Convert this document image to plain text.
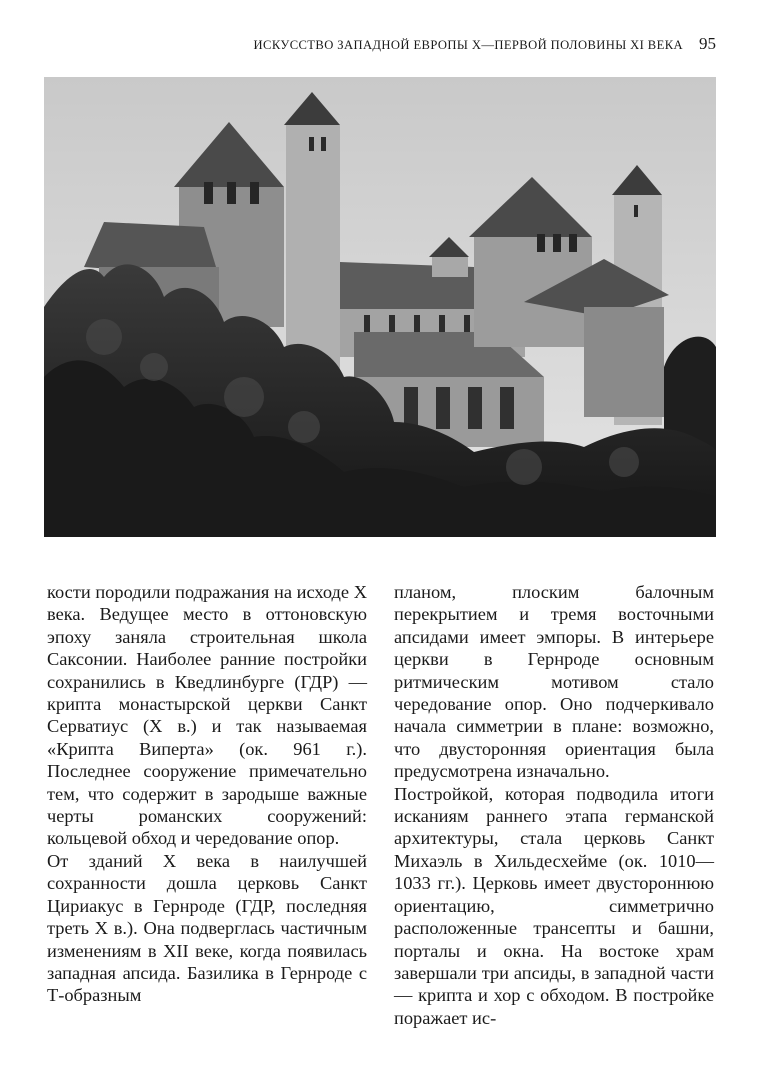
ИСКУССТВО ЗАПАДНОЙ ЕВРОПЫ X—ПЕРВОЙ ПОЛОВИНЫ XI ВЕКА 95

кости породили подражания на исходе X века. Ведущее место в оттоновскую эпоху заняла строительная школа Саксонии. Наиболее ранние постройки сохранились в Кведлинбурге (ГДР) — крипта монастырской церкви Санкт Серватиус (X в.) и так называемая «Крипта Виперта» (ок. 961 г.). Последнее сооружение примечательно тем, что содержит в зародыше важные черты романских сооружений: кольцевой обход и чередование опор.

От зданий X века в наилучшей сохранности дошла церковь Санкт Цириакус в Гернроде (ГДР, последняя треть X в.). Она подверглась частичным изменениям в XII веке, когда появилась западная апсида. Базилика в Гернроде с Т-образным

планом, плоским балочным перекрытием и тремя восточными апсидами имеет эмпоры. В интерьере церкви в Гернроде основным ритмическим мотивом стало чередование опор. Оно подчеркивало начала симметрии в плане: возможно, что двусторонняя ориентация была предусмотрена изначально.

Постройкой, которая подводила итоги исканиям раннего этапа германской архитектуры, стала церковь Санкт Михаэль в Хильдесхейме (ок. 1010—1033 гг.). Церковь имеет двустороннюю ориентацию, симметрично расположенные трансепты и башни, порталы и окна. На востоке храм завершали три апсиды, в западной части — крипта и хор с обходом. В постройке поражает ис-
